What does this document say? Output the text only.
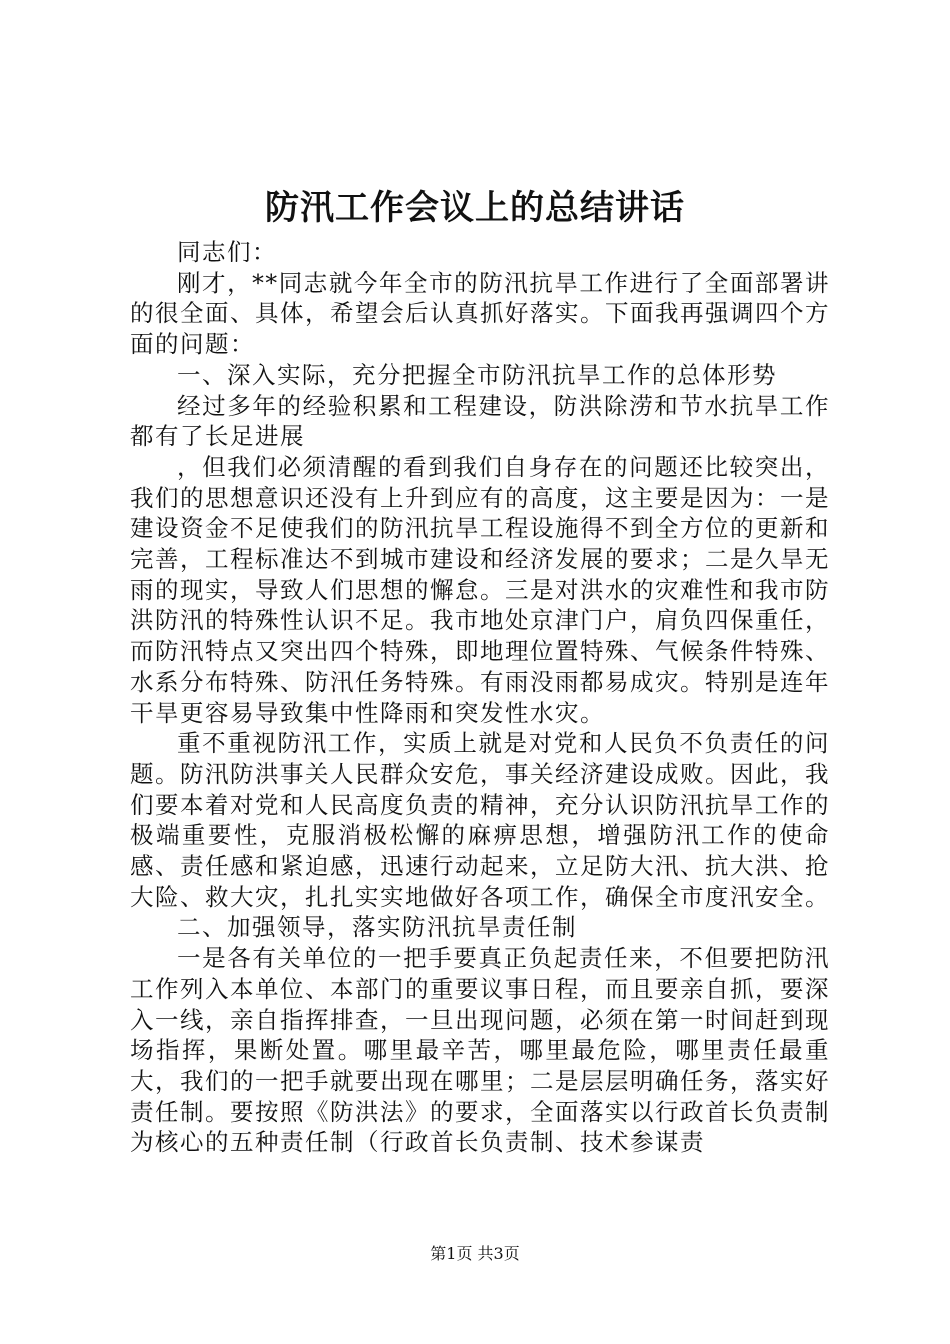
防汛工作会议上的总结讲话

同志们：

刚才，**同志就今年全市的防汛抗旱工作进行了全面部署讲的很全面、具体，希望会后认真抓好落实。下面我再强调四个方面的问题：

一、深入实际，充分把握全市防汛抗旱工作的总体形势

经过多年的经验积累和工程建设，防洪除涝和节水抗旱工作都有了长足进展

，但我们必须清醒的看到我们自身存在的问题还比较突出，我们的思想意识还没有上升到应有的高度，这主要是因为：一是建设资金不足使我们的防汛抗旱工程设施得不到全方位的更新和完善，工程标准达不到城市建设和经济发展的要求；二是久旱无雨的现实，导致人们思想的懈怠。三是对洪水的灾难性和我市防洪防汛的特殊性认识不足。我市地处京津门户，肩负四保重任，而防汛特点又突出四个特殊，即地理位置特殊、气候条件特殊、水系分布特殊、防汛任务特殊。有雨没雨都易成灾。特别是连年干旱更容易导致集中性降雨和突发性水灾。

重不重视防汛工作，实质上就是对党和人民负不负责任的问题。防汛防洪事关人民群众安危，事关经济建设成败。因此，我们要本着对党和人民高度负责的精神，充分认识防汛抗旱工作的极端重要性，克服消极松懈的麻痹思想，增强防汛工作的使命感、责任感和紧迫感，迅速行动起来，立足防大汛、抗大洪、抢大险、救大灾，扎扎实实地做好各项工作，确保全市度汛安全。

二、加强领导，落实防汛抗旱责任制

一是各有关单位的一把手要真正负起责任来，不但要把防汛工作列入本单位、本部门的重要议事日程，而且要亲自抓，要深入一线，亲自指挥排查，一旦出现问题，必须在第一时间赶到现场指挥，果断处置。哪里最辛苦，哪里最危险，哪里责任最重大，我们的一把手就要出现在哪里；二是层层明确任务，落实好责任制。要按照《防洪法》的要求，全面落实以行政首长负责制为核心的五种责任制（行政首长负责制、技术参谋责

第1页 共3页
